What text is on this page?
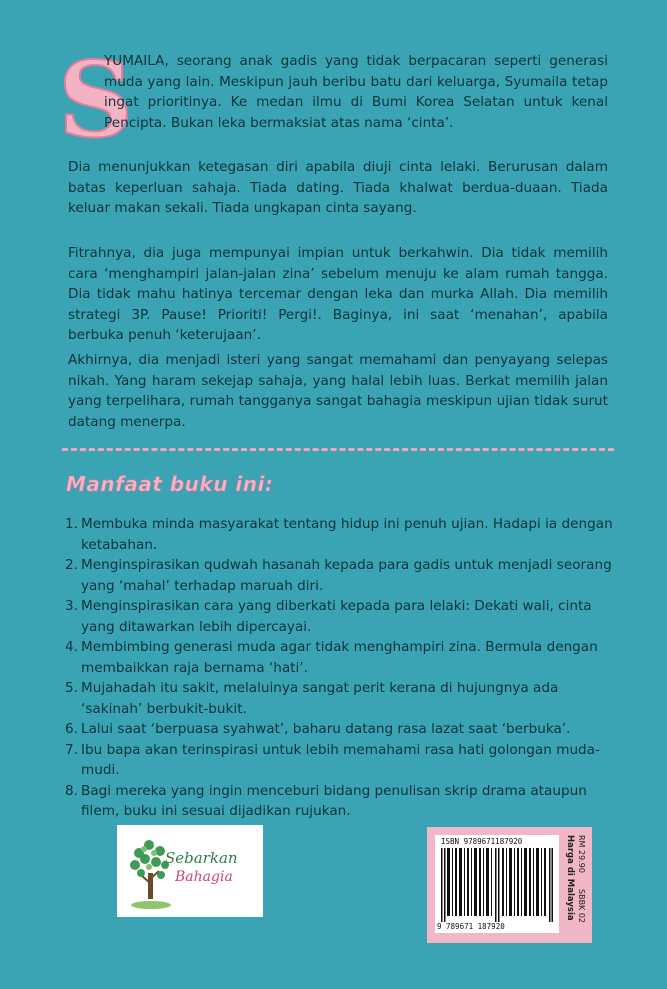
S

YUMAILA, seorang anak gadis yang tidak berpacaran seperti generasi muda yang lain. Meskipun jauh beribu batu dari keluarga, Syumaila tetap ingat prioritinya. Ke medan ilmu di Bumi Korea Selatan untuk kenal Pencipta. Bukan leka bermaksiat atas nama ‘cinta’.

Dia menunjukkan ketegasan diri apabila diuji cinta lelaki. Berurusan dalam batas keperluan sahaja. Tiada dating. Tiada khalwat berdua-duaan. Tiada keluar makan sekali. Tiada ungkapan cinta sayang.

Fitrahnya, dia juga mempunyai impian untuk berkahwin. Dia tidak memilih cara ‘menghampiri jalan-jalan zina’ sebelum menuju ke alam rumah tangga. Dia tidak mahu hatinya tercemar dengan leka dan murka Allah. Dia memilih strategi 3P. Pause! Prioriti! Pergi!. Baginya, ini saat ‘menahan’, apabila berbuka penuh ‘keterujaan’.

Akhirnya, dia menjadi isteri yang sangat memahami dan penyayang selepas nikah. Yang haram sekejap sahaja, yang halal lebih luas. Berkat memilih jalan yang terpelihara, rumah tangganya sangat bahagia meskipun ujian tidak surut datang menerpa.

Manfaat buku ini:
1. Membuka minda masyarakat tentang hidup ini penuh ujian. Hadapi ia dengan ketabahan.
2. Menginspirasikan qudwah hasanah kepada para gadis untuk menjadi seorang yang ‘mahal’ terhadap maruah diri.
3. Menginspirasikan cara yang diberkati kepada para lelaki: Dekati wali, cinta yang ditawarkan lebih dipercayai.
4. Membimbing generasi muda agar tidak menghampiri zina. Bermula dengan membaikkan raja bernama ‘hati’.
5. Mujahadah itu sakit, melaluinya sangat perit kerana di hujungnya ada ‘sakinah’ berbukit-bukit.
6. Lalui saat ‘berpuasa syahwat’, baharu datang rasa lazat saat ‘berbuka’.
7. Ibu bapa akan terinspirasi untuk lebih memahami rasa hati golongan muda-mudi.
8. Bagi mereka yang ingin menceburi bidang penulisan skrip drama ataupun filem, buku ini sesuai dijadikan rujukan.
Sebarkan
Bahagia
ISBN 9789671187920
9 789671 187920
Harga di Malaysia RM 29.90
SBBK 02
